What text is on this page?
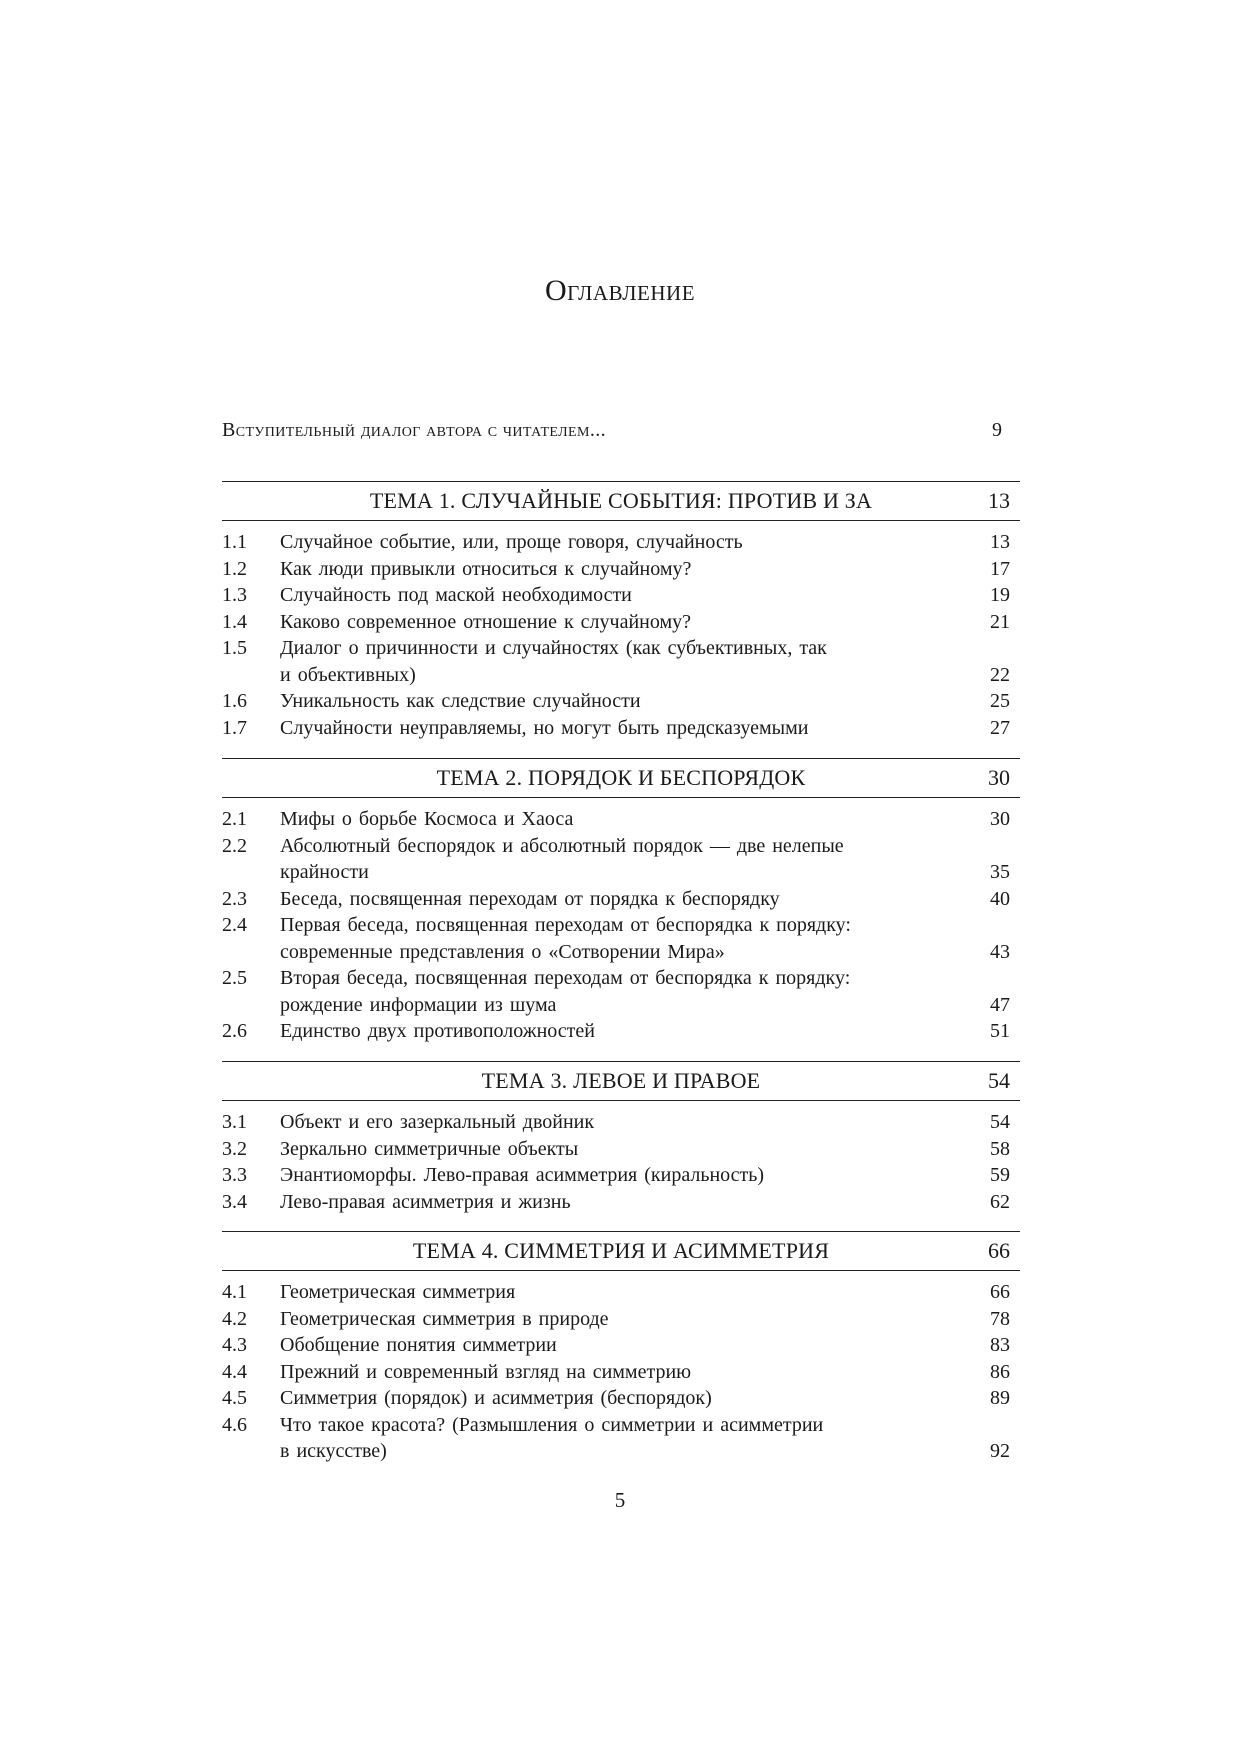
Оглавление
Вступительный диалог автора с читателем...	9
ТЕМА 1. СЛУЧАЙНЫЕ СОБЫТИЯ: ПРОТИВ И ЗА	13
1.1	Случайное событие, или, проще говоря, случайность	13
1.2	Как люди привыкли относиться к случайному?	17
1.3	Случайность под маской необходимости	19
1.4	Каково современное отношение к случайному?	21
1.5	Диалог о причинности и случайностях (как субъективных, так
и объективных)	22
1.6	Уникальность как следствие случайности	25
1.7	Случайности неуправляемы, но могут быть предсказуемыми	27
ТЕМА 2. ПОРЯДОК И БЕСПОРЯДОК	30
2.1	Мифы о борьбе Космоса и Хаоса	30
2.2	Абсолютный беспорядок и абсолютный порядок — две нелепые
крайности	35
2.3	Беседа, посвященная переходам от порядка к беспорядку	40
2.4	Первая беседа, посвященная переходам от беспорядка к порядку:
современные представления о «Сотворении Мира»	43
2.5	Вторая беседа, посвященная переходам от беспорядка к порядку:
рождение информации из шума	47
2.6	Единство двух противоположностей	51
ТЕМА 3. ЛЕВОЕ И ПРАВОЕ	54
3.1	Объект и его зазеркальный двойник	54
3.2	Зеркально симметричные объекты	58
3.3	Энантиоморфы. Лево-правая асимметрия (киральность)	59
3.4	Лево-правая асимметрия и жизнь	62
ТЕМА 4. СИММЕТРИЯ И АСИММЕТРИЯ	66
4.1	Геометрическая симметрия	66
4.2	Геометрическая симметрия в природе	78
4.3	Обобщение понятия симметрии	83
4.4	Прежний и современный взгляд на симметрию	86
4.5	Симметрия (порядок) и асимметрия (беспорядок)	89
4.6	Что такое красота? (Размышления о симметрии и асимметрии
в искусстве)	92
5
